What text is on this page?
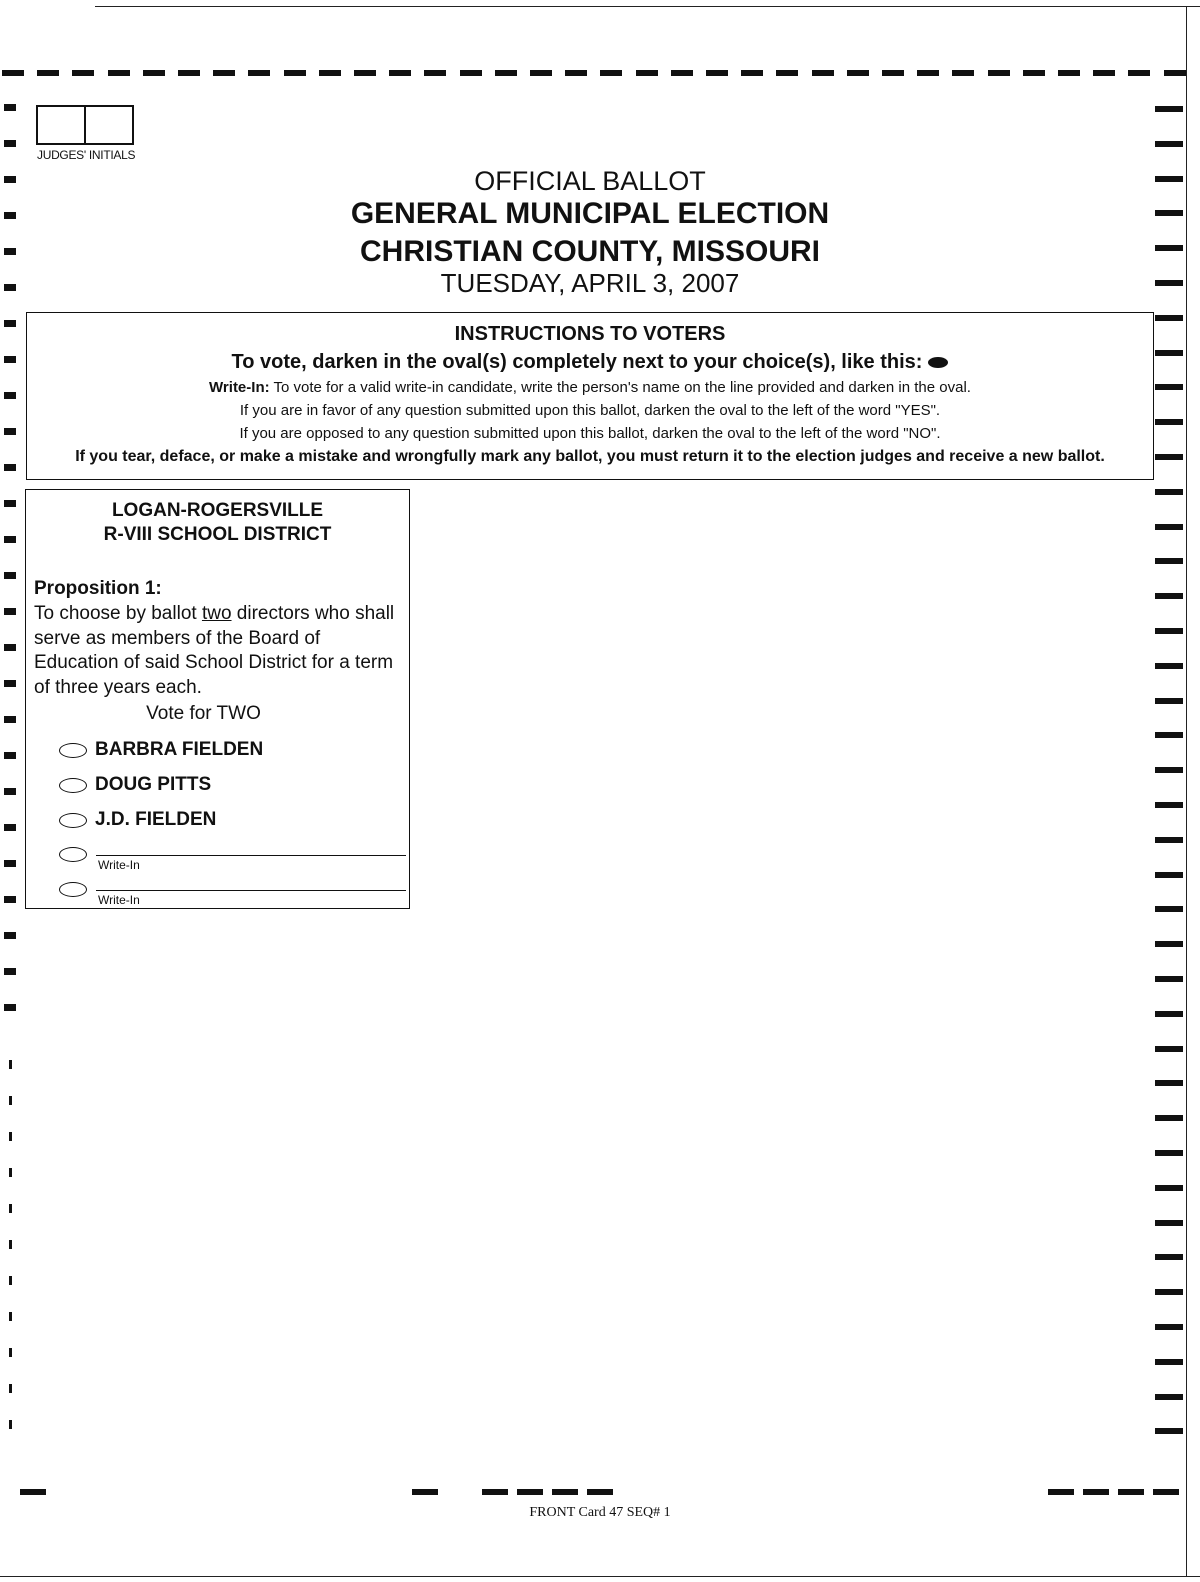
JUDGES' INITIALS
OFFICIAL BALLOT
GENERAL MUNICIPAL ELECTION
CHRISTIAN COUNTY, MISSOURI
TUESDAY, APRIL 3, 2007
INSTRUCTIONS TO VOTERS
To vote, darken in the oval(s) completely next to your choice(s), like this:
Write-In: To vote for a valid write-in candidate, write the person's name on the line provided and darken in the oval.
If you are in favor of any question submitted upon this ballot, darken the oval to the left of the word "YES".
If you are opposed to any question submitted upon this ballot, darken the oval to the left of the word "NO".
If you tear, deface, or make a mistake and wrongfully mark any ballot, you must return it to the election judges and receive a new ballot.
LOGAN-ROGERSVILLE
R-VIII SCHOOL DISTRICT
Proposition 1:
To choose by ballot two directors who shall serve as members of the Board of Education of said School District for a term of three years each.
Vote for TWO
BARBRA FIELDEN
DOUG PITTS
J.D. FIELDEN
Write-In
Write-In
FRONT Card 47 SEQ# 1
